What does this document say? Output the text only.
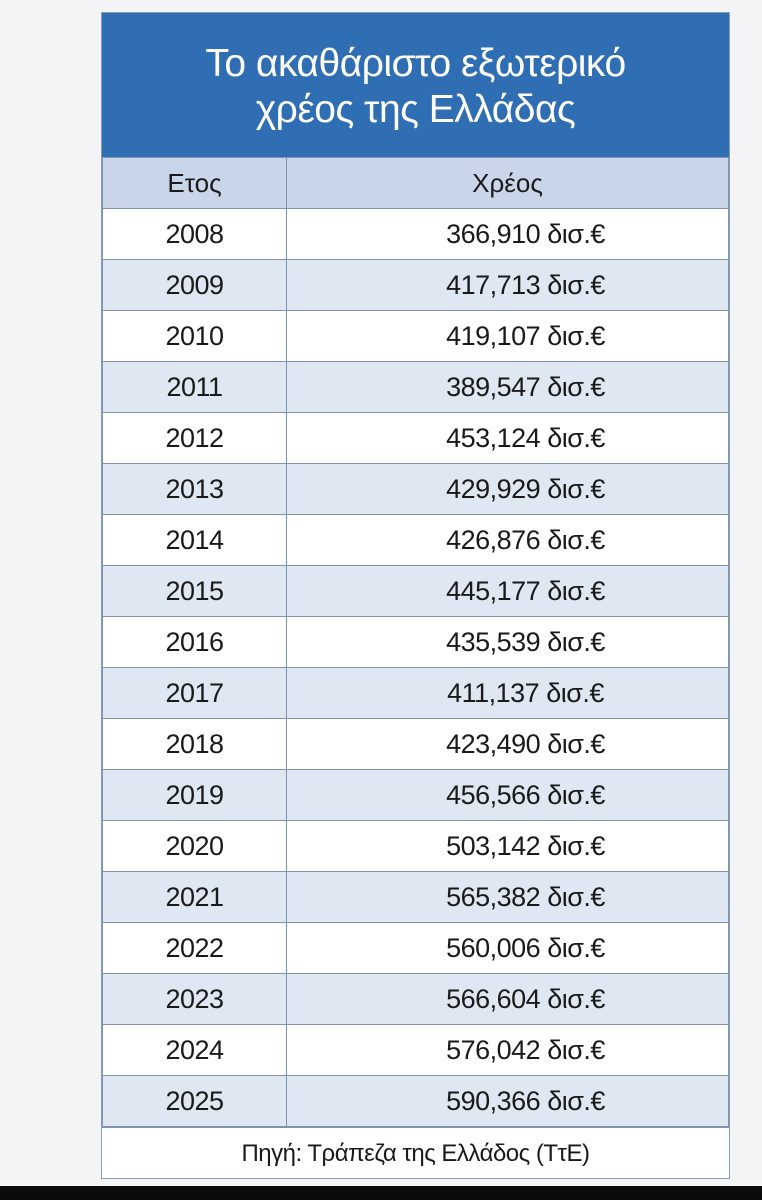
Το ακαθάριστο εξωτερικό
χρέος της Ελλάδας
Ετος	Χρέος
2008	366,910 δισ.€
2009	417,713 δισ.€
2010	419,107 δισ.€
2011	389,547 δισ.€
2012	453,124 δισ.€
2013	429,929 δισ.€
2014	426,876 δισ.€
2015	445,177 δισ.€
2016	435,539 δισ.€
2017	411,137 δισ.€
2018	423,490 δισ.€
2019	456,566 δισ.€
2020	503,142 δισ.€
2021	565,382 δισ.€
2022	560,006 δισ.€
2023	566,604 δισ.€
2024	576,042 δισ.€
2025	590,366 δισ.€
Πηγή: Τράπεζα της Ελλάδος (ΤτΕ)
